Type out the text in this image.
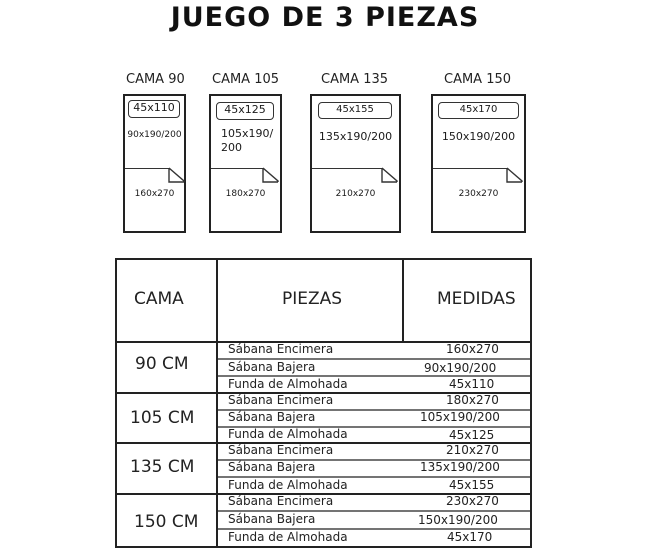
JUEGO DE 3 PIEZAS
CAMA 90
45x110
90x190/200
160x270
CAMA 105
45x125
105x190/
200
180x270
CAMA 135
45x155
135x190/200
210x270
CAMA 150
45x170
150x190/200
230x270
CAMA	PIEZAS	MEDIDAS
90 CM
Sábana Encimera	160x270
Sábana Bajera	90x190/200
Funda de Almohada	45x110
105 CM
Sábana Encimera	180x270
Sábana Bajera	105x190/200
Funda de Almohada	45x125
135 CM
Sábana Encimera	210x270
Sábana Bajera	135x190/200
Funda de Almohada	45x155
150 CM
Sábana Encimera	230x270
Sábana Bajera	150x190/200
Funda de Almohada	45x170
